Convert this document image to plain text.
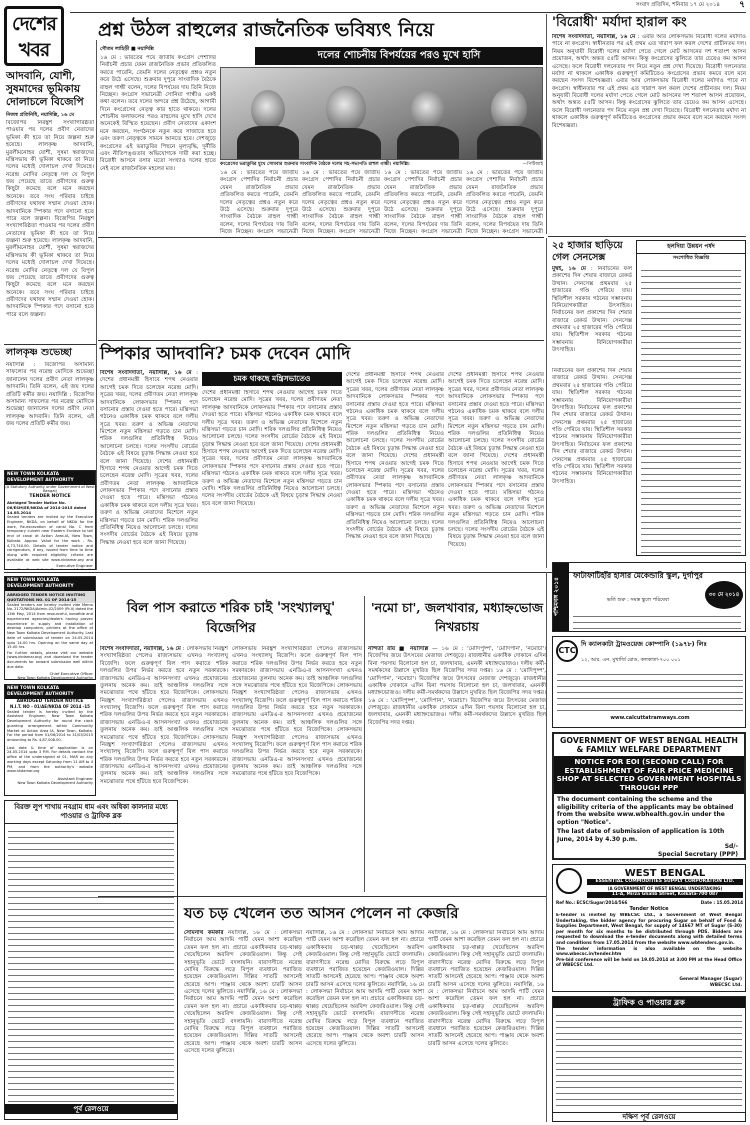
দেশের খবর
সংবাদ প্রতিদিন, শনিবার ১৭ মে ২০১৪	৭
প্রশ্ন উঠল রাহুলের রাজনৈতিক ভবিষ্যৎ নিয়ে
আদবানি, যোশী, সুষমাদের ভূমিকায় দোলাচলে বিজেপি
নিজস্ব প্রতিনিধি, নয়াদিল্লি, ১৬ মে
বিজেপির নিরঙ্কুশ সংখ্যাগরিষ্ঠতা পাওয়ার পর দলের প্রবীণ নেতাদের ভূমিকা কী হবে তা নিয়ে জল্পনা শুরু হয়েছে। লালকৃষ্ণ আদবানি, মুরলীমনোহর যোশী, সুষমা স্বরাজদের মন্ত্রিসভায় কী ভূমিকা থাকবে তা নিয়ে দলের মধ্যেই দোলাচল দেখা দিয়েছে। নরেন্দ্র মোদির নেতৃত্বে দল যে বিপুল জয় পেয়েছে তাতে প্রবীণদের গুরুত্ব কিছুটা কমেছে বলে মনে করছেন অনেকে। তবে সংঘ পরিবার চাইছে প্রবীণদের যথাযথ সম্মান দেওয়া হোক। আদবানিকে স্পিকার পদে বসানো হতে পারে বলে জল্পনা। বিজেপির নিরঙ্কুশ সংখ্যাগরিষ্ঠতা পাওয়ার পর দলের প্রবীণ নেতাদের ভূমিকা কী হবে তা নিয়ে জল্পনা শুরু হয়েছে। লালকৃষ্ণ আদবানি, মুরলীমনোহর যোশী, সুষমা স্বরাজদের মন্ত্রিসভায় কী ভূমিকা থাকবে তা নিয়ে দলের মধ্যেই দোলাচল দেখা দিয়েছে। নরেন্দ্র মোদির নেতৃত্বে দল যে বিপুল জয় পেয়েছে তাতে প্রবীণদের গুরুত্ব কিছুটা কমেছে বলে মনে করছেন অনেকে। তবে সংঘ পরিবার চাইছে প্রবীণদের যথাযথ সম্মান দেওয়া হোক। আদবানিকে স্পিকার পদে বসানো হতে পারে বলে জল্পনা।
গৌতম লাহিড়ী ■ নয়াদিল্লি
দলের শোচনীয় বিপর্যয়ের পরও মুখে হাসি
১৬ মে : ভারতের পয়ে জাতীয় কংগ্রেস পেশাদির নির্বাচনী প্রচার যেমন রাজনৈতিক প্রভাব প্রতিফলিত করতে পারেনি, তেমনি দলের নেতৃত্বের প্রশ্নও নতুন করে উঠে এসেছে। শুক্রবার দুপুরে সাংবাদিক বৈঠকে রাহুল গান্ধী বলেন, দলের বিপর্যয়ের দায় তিনি নিজে নিচ্ছেন। কংগ্রেস সভানেত্রী সোনিয়া গান্ধীও একই কথা বলেন। তবে দলের অন্দরে প্রশ্ন উঠেছে, আগামী দিনে কংগ্রেসের নেতৃত্ব কার হাতে থাকবে। দলের শোচনীয় ফলাফলের পরও রাহুলের মুখে হাসি দেখে অনেকেই বিস্মিত হয়েছেন। প্রবীণ নেতাদের একাংশ মনে করছেন, সংগঠনকে নতুন করে সাজাতে হবে এবং তরুণ নেতৃত্বকে সামনে আনতে হবে। দেশজুড়ে কংগ্রেসের এই ভরাডুবির পিছনে মূল্যবৃদ্ধি, দুর্নীতি এবং নীতিপঙ্গুতার অভিযোগকে দায়ী করা হচ্ছে। বিরোধী আসনে বসার মতো সংখ্যাও দলের হাতে নেই বলে রাজনৈতিক মহলের মত।
কংগ্রেসের ভরাডুবির মুখে সোমবার শুক্রবার সাংবাদিক বৈঠকে দলের সহ-সভাপতি রাহুল গান্ধী। নয়াদিল্লি।	—পিটিআই
১৬ মে : ভারতের পয়ে জাতীয় কংগ্রেস পেশাদির নির্বাচনী প্রচার যেমন রাজনৈতিক প্রভাব প্রতিফলিত করতে পারেনি, তেমনি দলের নেতৃত্বের প্রশ্নও নতুন করে উঠে এসেছে। শুক্রবার দুপুরে সাংবাদিক বৈঠকে রাহুল গান্ধী বলেন, দলের বিপর্যয়ের দায় তিনি নিজে নিচ্ছেন। কংগ্রেস সভানেত্রী
১৬ মে : ভারতের পয়ে জাতীয় কংগ্রেস পেশাদির নির্বাচনী প্রচার যেমন রাজনৈতিক প্রভাব প্রতিফলিত করতে পারেনি, তেমনি দলের নেতৃত্বের প্রশ্নও নতুন করে উঠে এসেছে। শুক্রবার দুপুরে সাংবাদিক বৈঠকে রাহুল গান্ধী বলেন, দলের বিপর্যয়ের দায় তিনি নিজে নিচ্ছেন। কংগ্রেস সভানেত্রী
১৬ মে : ভারতের পয়ে জাতীয় কংগ্রেস পেশাদির নির্বাচনী প্রচার যেমন রাজনৈতিক প্রভাব প্রতিফলিত করতে পারেনি, তেমনি দলের নেতৃত্বের প্রশ্নও নতুন করে উঠে এসেছে। শুক্রবার দুপুরে সাংবাদিক বৈঠকে রাহুল গান্ধী বলেন, দলের বিপর্যয়ের দায় তিনি নিজে নিচ্ছেন। কংগ্রেস সভানেত্রী
১৬ মে : ভারতের পয়ে জাতীয় কংগ্রেস পেশাদির নির্বাচনী প্রচার যেমন রাজনৈতিক প্রভাব প্রতিফলিত করতে পারেনি, তেমনি দলের নেতৃত্বের প্রশ্নও নতুন করে উঠে এসেছে। শুক্রবার দুপুরে সাংবাদিক বৈঠকে রাহুল গান্ধী বলেন, দলের বিপর্যয়ের দায় তিনি নিজে নিচ্ছেন। কংগ্রেস সভানেত্রী
'বিরোধী' মর্যাদা হারাল কং
বিশেষ সংবাদদাতা, নয়াদিল্লি, ১৬ মে : এবার আর লোকসভায় বিরোধী দলের মর্যাদাও পাবে না কংগ্রেস। স্বাধীনতার পর এই প্রথম এত খারাপ ফল করল দেশের প্রাচীনতম দল। নিয়ম অনুযায়ী বিরোধী দলের মর্যাদা পেতে গেলে মোট আসনের দশ শতাংশ আসন প্রয়োজন, অর্থাৎ অন্তত ৫৫টি আসন। কিন্তু কংগ্রেসের ঝুলিতে তার চেয়েও কম আসন এসেছে। ফলে বিরোধী দলনেতার পদ নিয়ে নতুন প্রশ্ন দেখা দিয়েছে। বিরোধী দলনেতার মর্যাদা না থাকলে একাধিক গুরুত্বপূর্ণ কমিটিতেও কংগ্রেসের প্রভাব কমবে বলে মনে করছেন সংসদ বিশেষজ্ঞরা। এবার আর লোকসভায় বিরোধী দলের মর্যাদাও পাবে না কংগ্রেস। স্বাধীনতার পর এই প্রথম এত খারাপ ফল করল দেশের প্রাচীনতম দল। নিয়ম অনুযায়ী বিরোধী দলের মর্যাদা পেতে গেলে মোট আসনের দশ শতাংশ আসন প্রয়োজন, অর্থাৎ অন্তত ৫৫টি আসন। কিন্তু কংগ্রেসের ঝুলিতে তার চেয়েও কম আসন এসেছে। ফলে বিরোধী দলনেতার পদ নিয়ে নতুন প্রশ্ন দেখা দিয়েছে। বিরোধী দলনেতার মর্যাদা না থাকলে একাধিক গুরুত্বপূর্ণ কমিটিতেও কংগ্রেসের প্রভাব কমবে বলে মনে করছেন সংসদ বিশেষজ্ঞরা।
২৫ হাজার ছাড়িয়ে গেল সেনসেক্স
মুম্বই, ১৬ মে : নির্বাচনের ফল প্রকাশের দিন শেয়ার বাজারে রেকর্ড উত্থান। সেনসেক্স প্রথমবার ২৫ হাজারের গণ্ডি পেরিয়ে যায়। স্থিতিশীল সরকার গঠনের সম্ভাবনায় বিনিয়োগকারীরা উৎসাহিত। নির্বাচনের ফল প্রকাশের দিন শেয়ার বাজারে রেকর্ড উত্থান। সেনসেক্স প্রথমবার ২৫ হাজারের গণ্ডি পেরিয়ে যায়। স্থিতিশীল সরকার গঠনের সম্ভাবনায় বিনিয়োগকারীরা উৎসাহিত।
হলদিয়া উন্নয়ন পর্ষদ
সংশোধিত বিজ্ঞপ্তি
নির্বাচনের ফল প্রকাশের দিন শেয়ার বাজারে রেকর্ড উত্থান। সেনসেক্স প্রথমবার ২৫ হাজারের গণ্ডি পেরিয়ে যায়। স্থিতিশীল সরকার গঠনের সম্ভাবনায় বিনিয়োগকারীরা উৎসাহিত। নির্বাচনের ফল প্রকাশের দিন শেয়ার বাজারে রেকর্ড উত্থান। সেনসেক্স প্রথমবার ২৫ হাজারের গণ্ডি পেরিয়ে যায়। স্থিতিশীল সরকার গঠনের সম্ভাবনায় বিনিয়োগকারীরা উৎসাহিত। নির্বাচনের ফল প্রকাশের দিন শেয়ার বাজারে রেকর্ড উত্থান। সেনসেক্স প্রথমবার ২৫ হাজারের গণ্ডি পেরিয়ে যায়। স্থিতিশীল সরকার গঠনের সম্ভাবনায় বিনিয়োগকারীরা উৎসাহিত।
লালকৃষ্ণ শুভেচ্ছা
নয়াদিল্লি : বিজেপির অসামান্য সাফল্যের পর নরেন্দ্র মোদিকে শুভেচ্ছা জানালেন দলের প্রবীণ নেতা লালকৃষ্ণ আদবানি। তিনি বলেন, এই জয় দলের প্রতিটি কর্মীর জয়। নয়াদিল্লি : বিজেপির অসামান্য সাফল্যের পর নরেন্দ্র মোদিকে শুভেচ্ছা জানালেন দলের প্রবীণ নেতা লালকৃষ্ণ আদবানি। তিনি বলেন, এই জয় দলের প্রতিটি কর্মীর জয়।
স্পিকার আদবানি? চমক দেবেন মোদি
বিশেষ সংবাদদাতা, নয়াদিল্লি, ১৬ মে : দেশের প্রধানমন্ত্রী হিসাবে শপথ নেওয়ার আগেই চমক দিতে চলেছেন নরেন্দ্র মোদি। সূত্রের খবর, দলের প্রবীণতম নেতা লালকৃষ্ণ আদবানিকে লোকসভার স্পিকার পদে বসানোর প্রস্তাব দেওয়া হতে পারে। মন্ত্রিসভা গঠনেও একাধিক চমক থাকবে বলে দলীয় সূত্রে খবর। তরুণ ও অভিজ্ঞ নেতাদের মিশেলে নতুন মন্ত্রিসভা গড়তে চান মোদি। শরিক দলগুলির প্রতিনিধিত্ব নিয়েও আলোচনা চলছে। দলের সংসদীয় বোর্ডের বৈঠকে এই বিষয়ে চূড়ান্ত সিদ্ধান্ত নেওয়া হবে বলে জানা গিয়েছে। দেশের প্রধানমন্ত্রী হিসাবে শপথ নেওয়ার আগেই চমক দিতে চলেছেন নরেন্দ্র মোদি। সূত্রের খবর, দলের প্রবীণতম নেতা লালকৃষ্ণ আদবানিকে লোকসভার স্পিকার পদে বসানোর প্রস্তাব দেওয়া হতে পারে। মন্ত্রিসভা গঠনেও একাধিক চমক থাকবে বলে দলীয় সূত্রে খবর। তরুণ ও অভিজ্ঞ নেতাদের মিশেলে নতুন মন্ত্রিসভা গড়তে চান মোদি। শরিক দলগুলির প্রতিনিধিত্ব নিয়েও আলোচনা চলছে। দলের সংসদীয় বোর্ডের বৈঠকে এই বিষয়ে চূড়ান্ত সিদ্ধান্ত নেওয়া হবে বলে জানা গিয়েছে।
চমক থাকছে মন্ত্রিসভাতেও
দেশের প্রধানমন্ত্রী হিসাবে শপথ নেওয়ার আগেই চমক দিতে চলেছেন নরেন্দ্র মোদি। সূত্রের খবর, দলের প্রবীণতম নেতা লালকৃষ্ণ আদবানিকে লোকসভার স্পিকার পদে বসানোর প্রস্তাব দেওয়া হতে পারে। মন্ত্রিসভা গঠনেও একাধিক চমক থাকবে বলে দলীয় সূত্রে খবর। তরুণ ও অভিজ্ঞ নেতাদের মিশেলে নতুন মন্ত্রিসভা গড়তে চান মোদি। শরিক দলগুলির প্রতিনিধিত্ব নিয়েও আলোচনা চলছে। দলের সংসদীয় বোর্ডের বৈঠকে এই বিষয়ে চূড়ান্ত সিদ্ধান্ত নেওয়া হবে বলে জানা গিয়েছে। দেশের প্রধানমন্ত্রী হিসাবে শপথ নেওয়ার আগেই চমক দিতে চলেছেন নরেন্দ্র মোদি। সূত্রের খবর, দলের প্রবীণতম নেতা লালকৃষ্ণ আদবানিকে লোকসভার স্পিকার পদে বসানোর প্রস্তাব দেওয়া হতে পারে। মন্ত্রিসভা গঠনেও একাধিক চমক থাকবে বলে দলীয় সূত্রে খবর। তরুণ ও অভিজ্ঞ নেতাদের মিশেলে নতুন মন্ত্রিসভা গড়তে চান মোদি। শরিক দলগুলির প্রতিনিধিত্ব নিয়েও আলোচনা চলছে। দলের সংসদীয় বোর্ডের বৈঠকে এই বিষয়ে চূড়ান্ত সিদ্ধান্ত নেওয়া হবে বলে জানা গিয়েছে।
দেশের প্রধানমন্ত্রী হিসাবে শপথ নেওয়ার আগেই চমক দিতে চলেছেন নরেন্দ্র মোদি। সূত্রের খবর, দলের প্রবীণতম নেতা লালকৃষ্ণ আদবানিকে লোকসভার স্পিকার পদে বসানোর প্রস্তাব দেওয়া হতে পারে। মন্ত্রিসভা গঠনেও একাধিক চমক থাকবে বলে দলীয় সূত্রে খবর। তরুণ ও অভিজ্ঞ নেতাদের মিশেলে নতুন মন্ত্রিসভা গড়তে চান মোদি। শরিক দলগুলির প্রতিনিধিত্ব নিয়েও আলোচনা চলছে। দলের সংসদীয় বোর্ডের বৈঠকে এই বিষয়ে চূড়ান্ত সিদ্ধান্ত নেওয়া হবে বলে জানা গিয়েছে। দেশের প্রধানমন্ত্রী হিসাবে শপথ নেওয়ার আগেই চমক দিতে চলেছেন নরেন্দ্র মোদি। সূত্রের খবর, দলের প্রবীণতম নেতা লালকৃষ্ণ আদবানিকে লোকসভার স্পিকার পদে বসানোর প্রস্তাব দেওয়া হতে পারে। মন্ত্রিসভা গঠনেও একাধিক চমক থাকবে বলে দলীয় সূত্রে খবর। তরুণ ও অভিজ্ঞ নেতাদের মিশেলে নতুন মন্ত্রিসভা গড়তে চান মোদি। শরিক দলগুলির প্রতিনিধিত্ব নিয়েও আলোচনা চলছে। দলের সংসদীয় বোর্ডের বৈঠকে এই বিষয়ে চূড়ান্ত সিদ্ধান্ত নেওয়া হবে বলে জানা গিয়েছে।
দেশের প্রধানমন্ত্রী হিসাবে শপথ নেওয়ার আগেই চমক দিতে চলেছেন নরেন্দ্র মোদি। সূত্রের খবর, দলের প্রবীণতম নেতা লালকৃষ্ণ আদবানিকে লোকসভার স্পিকার পদে বসানোর প্রস্তাব দেওয়া হতে পারে। মন্ত্রিসভা গঠনেও একাধিক চমক থাকবে বলে দলীয় সূত্রে খবর। তরুণ ও অভিজ্ঞ নেতাদের মিশেলে নতুন মন্ত্রিসভা গড়তে চান মোদি। শরিক দলগুলির প্রতিনিধিত্ব নিয়েও আলোচনা চলছে। দলের সংসদীয় বোর্ডের বৈঠকে এই বিষয়ে চূড়ান্ত সিদ্ধান্ত নেওয়া হবে বলে জানা গিয়েছে। দেশের প্রধানমন্ত্রী হিসাবে শপথ নেওয়ার আগেই চমক দিতে চলেছেন নরেন্দ্র মোদি। সূত্রের খবর, দলের প্রবীণতম নেতা লালকৃষ্ণ আদবানিকে লোকসভার স্পিকার পদে বসানোর প্রস্তাব দেওয়া হতে পারে। মন্ত্রিসভা গঠনেও একাধিক চমক থাকবে বলে দলীয় সূত্রে খবর। তরুণ ও অভিজ্ঞ নেতাদের মিশেলে নতুন মন্ত্রিসভা গড়তে চান মোদি। শরিক দলগুলির প্রতিনিধিত্ব নিয়েও আলোচনা চলছে। দলের সংসদীয় বোর্ডের বৈঠকে এই বিষয়ে চূড়ান্ত সিদ্ধান্ত নেওয়া হবে বলে জানা গিয়েছে।
NEW TOWN KOLKATA DEVELOPMENT AUTHORITY
(A Statutory Authority under Government of West Bengal)
TENDER NOTICE
Abridged Tender Notice No. 06/ESM/EE/NKDA of 2014-2015 dated 14.05.2014
Sealed tenders are invited by the Executive Engineer, NKDA, on behalf of NKDA for the work, Re-excavation of canal No. C from temporary culvert near Eastern Enclave to tail end of canal at Action Area-IA, New Town, Kolkata. Approx. Value for the work - Rs. 4,73,740.00. Details of tender notice and corrigendum, if any, issued from time to time along with required eligibility criteria are available at web site www.nkdamar.org and
Executive Engineer
NEW TOWN KOLKATA DEVELOPMENT AUTHORITY
ABRIDGED TENDER NOTICE INVITING QUOTATIONS NO. 01 OF 2014-15
Sealed tenders are hereby invited vide Memo No. 2172/NKDA/Admin-02/2009 (Pt.II) dated the 13th May, 2014 from resourceful, bonafide and experienced agencies/dealers having proven experience in supply and installation of desktop computers, printers at the office of New Town Kolkata Development Authority. Last date of submission of tender on 24-05-2014 upto 14-00 hrs. Opening on the same day at 15-00 hrs.
For further details, please visit our website (www.nkdamar.org) and download the tender documents for onward submission well within due date.
Chief Executive Officer
New Town Kolkata Development Authority
NEW TOWN KOLKATA DEVELOPMENT AUTHORITY
ABRIDGED TENDER NOTICE
N.I.T. NO - 01/AE/NKDA OF 2014 -15
Sealed tender is hereby invited by the Assistant Engineer, New Town Kolkata Development Authority for round the clock guarding arrangement within Community Market at Action Area IA, New Town, Kolkata. For the period from 01/06/2014 to 31/03/2015 amounting to Rs. 4,87,008.00.
Last date & time of application is on 24.05.2014 upto 3 P.M. For details contact the office of the undersigned at 01, MAR on any working days except Saturday from 11 AM to 4 PM, and from the authority's website www.nkdamar.org
Assistant Engineer
New Town Kolkata Development Authority
বিরক্ত লুপ শাখায় নবগ্রাম ধাম এবং অধিকা কালনার মধ্যে পাওয়ার ও ট্রাফিক ব্লক
পূর্ব রেলওয়ে
বিল পাস করাতে শরিক চাই 'সংখ্যালঘু' বিজেপির
বিশেষ সংবাদদাতা, নয়াদিল্লি, ১৬ মে : লোকসভায় নিরঙ্কুশ সংখ্যাগরিষ্ঠতা পেলেও রাজ্যসভায় এখনও সংখ্যালঘু বিজেপি। ফলে গুরুত্বপূর্ণ বিল পাস করাতে শরিক দলগুলির উপর নির্ভর করতে হবে নতুন সরকারকে। রাজ্যসভায় এনডিএ-র আসনসংখ্যা এখনও প্রয়োজনের তুলনায় অনেক কম। তাই আঞ্চলিক দলগুলির সঙ্গে সমঝোতার পথে হাঁটতে হবে বিজেপিকে। লোকসভায় নিরঙ্কুশ সংখ্যাগরিষ্ঠতা পেলেও রাজ্যসভায় এখনও সংখ্যালঘু বিজেপি। ফলে গুরুত্বপূর্ণ বিল পাস করাতে শরিক দলগুলির উপর নির্ভর করতে হবে নতুন সরকারকে। রাজ্যসভায় এনডিএ-র আসনসংখ্যা এখনও প্রয়োজনের তুলনায় অনেক কম। তাই আঞ্চলিক দলগুলির সঙ্গে সমঝোতার পথে হাঁটতে হবে বিজেপিকে। লোকসভায় নিরঙ্কুশ সংখ্যাগরিষ্ঠতা পেলেও রাজ্যসভায় এখনও সংখ্যালঘু বিজেপি। ফলে গুরুত্বপূর্ণ বিল পাস করাতে শরিক দলগুলির উপর নির্ভর করতে হবে নতুন সরকারকে। রাজ্যসভায় এনডিএ-র আসনসংখ্যা এখনও প্রয়োজনের তুলনায় অনেক কম। তাই আঞ্চলিক দলগুলির সঙ্গে সমঝোতার পথে হাঁটতে হবে বিজেপিকে।
লোকসভায় নিরঙ্কুশ সংখ্যাগরিষ্ঠতা পেলেও রাজ্যসভায় এখনও সংখ্যালঘু বিজেপি। ফলে গুরুত্বপূর্ণ বিল পাস করাতে শরিক দলগুলির উপর নির্ভর করতে হবে নতুন সরকারকে। রাজ্যসভায় এনডিএ-র আসনসংখ্যা এখনও প্রয়োজনের তুলনায় অনেক কম। তাই আঞ্চলিক দলগুলির সঙ্গে সমঝোতার পথে হাঁটতে হবে বিজেপিকে। লোকসভায় নিরঙ্কুশ সংখ্যাগরিষ্ঠতা পেলেও রাজ্যসভায় এখনও সংখ্যালঘু বিজেপি। ফলে গুরুত্বপূর্ণ বিল পাস করাতে শরিক দলগুলির উপর নির্ভর করতে হবে নতুন সরকারকে। রাজ্যসভায় এনডিএ-র আসনসংখ্যা এখনও প্রয়োজনের তুলনায় অনেক কম। তাই আঞ্চলিক দলগুলির সঙ্গে সমঝোতার পথে হাঁটতে হবে বিজেপিকে। লোকসভায় নিরঙ্কুশ সংখ্যাগরিষ্ঠতা পেলেও রাজ্যসভায় এখনও সংখ্যালঘু বিজেপি। ফলে গুরুত্বপূর্ণ বিল পাস করাতে শরিক দলগুলির উপর নির্ভর করতে হবে নতুন সরকারকে। রাজ্যসভায় এনডিএ-র আসনসংখ্যা এখনও প্রয়োজনের তুলনায় অনেক কম। তাই আঞ্চলিক দলগুলির সঙ্গে সমঝোতার পথে হাঁটতে হবে বিজেপিকে।
'নমো চা', জলখাবার, মধ্যাহ্নভোজ নিখরচায়
নন্দিতা রায় ■ নয়াদিল্লি — ১৬ মে : 'মোদিপুষ্প', 'মোদিপান', 'নমোচা'। বিজেপির জয়ে উৎসবের মেজাজ দেশজুড়ে। রাজধানীর একাধিক দোকানে এদিন বিনা পয়সায় বিলোনো হল চা, জলখাবার, এমনকী মধ্যাহ্নভোজও। দলীয় কর্মী-সমর্থকদের উল্লাসে মুখরিত ছিল বিজেপির সদর দপ্তর। ১৬ মে : 'মোদিপুষ্প', 'মোদিপান', 'নমোচা'। বিজেপির জয়ে উৎসবের মেজাজ দেশজুড়ে। রাজধানীর একাধিক দোকানে এদিন বিনা পয়সায় বিলোনো হল চা, জলখাবার, এমনকী মধ্যাহ্নভোজও। দলীয় কর্মী-সমর্থকদের উল্লাসে মুখরিত ছিল বিজেপির সদর দপ্তর। ১৬ মে : 'মোদিপুষ্প', 'মোদিপান', 'নমোচা'। বিজেপির জয়ে উৎসবের মেজাজ দেশজুড়ে। রাজধানীর একাধিক দোকানে এদিন বিনা পয়সায় বিলোনো হল চা, জলখাবার, এমনকী মধ্যাহ্নভোজও। দলীয় কর্মী-সমর্থকদের উল্লাসে মুখরিত ছিল বিজেপির সদর দপ্তর।
যত চড় খেলেন তত আসন পেলেন না কেজরি
সোমনাথ কর্মকার নয়াদিল্লি, ১৬ মে : লোকসভা নির্বাচনে আম আদমি পার্টি যেমন আশা করেছিল তেমন ফল হল না। প্রচারে একাধিকবার চড়-থাপ্পড় খেয়েছিলেন অরবিন্দ কেজরিওয়াল। কিন্তু সেই সহানুভূতি ভোটে বদলায়নি। বারাণসীতে নরেন্দ্র মোদির বিরুদ্ধে লড়ে বিপুল ব্যবধানে পরাজিত হয়েছেন কেজরিওয়াল। দিল্লির সাতটি আসনেই হেরেছে আপ। পাঞ্জাব থেকে অবশ্য চারটি আসন এসেছে দলের ঝুলিতে। নয়াদিল্লি, ১৬ মে : লোকসভা নির্বাচনে আম আদমি পার্টি যেমন আশা করেছিল তেমন ফল হল না। প্রচারে একাধিকবার চড়-থাপ্পড় খেয়েছিলেন অরবিন্দ কেজরিওয়াল। কিন্তু সেই সহানুভূতি ভোটে বদলায়নি। বারাণসীতে নরেন্দ্র মোদির বিরুদ্ধে লড়ে বিপুল ব্যবধানে পরাজিত হয়েছেন কেজরিওয়াল। দিল্লির সাতটি আসনেই হেরেছে আপ। পাঞ্জাব থেকে অবশ্য চারটি আসন এসেছে দলের ঝুলিতে।
নয়াদিল্লি, ১৬ মে : লোকসভা নির্বাচনে আম আদমি পার্টি যেমন আশা করেছিল তেমন ফল হল না। প্রচারে একাধিকবার চড়-থাপ্পড় খেয়েছিলেন অরবিন্দ কেজরিওয়াল। কিন্তু সেই সহানুভূতি ভোটে বদলায়নি। বারাণসীতে নরেন্দ্র মোদির বিরুদ্ধে লড়ে বিপুল ব্যবধানে পরাজিত হয়েছেন কেজরিওয়াল। দিল্লির সাতটি আসনেই হেরেছে আপ। পাঞ্জাব থেকে অবশ্য চারটি আসন এসেছে দলের ঝুলিতে। নয়াদিল্লি, ১৬ মে : লোকসভা নির্বাচনে আম আদমি পার্টি যেমন আশা করেছিল তেমন ফল হল না। প্রচারে একাধিকবার চড়-থাপ্পড় খেয়েছিলেন অরবিন্দ কেজরিওয়াল। কিন্তু সেই সহানুভূতি ভোটে বদলায়নি। বারাণসীতে নরেন্দ্র মোদির বিরুদ্ধে লড়ে বিপুল ব্যবধানে পরাজিত হয়েছেন কেজরিওয়াল। দিল্লির সাতটি আসনেই হেরেছে আপ। পাঞ্জাব থেকে অবশ্য চারটি আসন এসেছে দলের ঝুলিতে।
নয়াদিল্লি, ১৬ মে : লোকসভা নির্বাচনে আম আদমি পার্টি যেমন আশা করেছিল তেমন ফল হল না। প্রচারে একাধিকবার চড়-থাপ্পড় খেয়েছিলেন অরবিন্দ কেজরিওয়াল। কিন্তু সেই সহানুভূতি ভোটে বদলায়নি। বারাণসীতে নরেন্দ্র মোদির বিরুদ্ধে লড়ে বিপুল ব্যবধানে পরাজিত হয়েছেন কেজরিওয়াল। দিল্লির সাতটি আসনেই হেরেছে আপ। পাঞ্জাব থেকে অবশ্য চারটি আসন এসেছে দলের ঝুলিতে। নয়াদিল্লি, ১৬ মে : লোকসভা নির্বাচনে আম আদমি পার্টি যেমন আশা করেছিল তেমন ফল হল না। প্রচারে একাধিকবার চড়-থাপ্পড় খেয়েছিলেন অরবিন্দ কেজরিওয়াল। কিন্তু সেই সহানুভূতি ভোটে বদলায়নি। বারাণসীতে নরেন্দ্র মোদির বিরুদ্ধে লড়ে বিপুল ব্যবধানে পরাজিত হয়েছেন কেজরিওয়াল। দিল্লির সাতটি আসনেই হেরেছে আপ। পাঞ্জাব থেকে অবশ্য চারটি আসন এসেছে দলের ঝুলিতে।
পশ্চিমবঙ্গ ২০১৪
ফাটাফাটিহাঁর হাসার মেকেন্ডারি স্কুল, দুর্গাপুর
ভর্তি শুরু : সমস্ত স্কুলে পরিষেবা
৩০ মে ২০১৪
CTC
দি ক্যালকাটা ট্রামওয়েজ কোম্পানি (১৯৭৮) লিঃ
১২, আর. এন. মুখার্জি রোড, কলকাতা-৭০০ ০০১
www.calcuttatramways.com
GOVERNMENT OF WEST BENGAL HEALTH & FAMILY WELFARE DEPARTMENT
NOTICE FOR EOI (SECOND CALL) FOR ESTABLISHMENT OF FAIR PRICE MEDICINE SHOP AT SELECTED GOVERNMENT HOSPITALS THROUGH PPP
The document containing the scheme and the eligibility criteria of the applicants may be obtained from the website www.wbhealth.gov.in under the option "Notice".
The last date of submission of application is 10th June, 2014 by 4.30 p.m.
Sd/-
Special Secretary (PPP)
WEST BENGAL
ESSENTIAL COMMODITIES SUPPLY CORPORATION LTD.
(A GOVERNMENT OF WEST BENGAL UNDERTAKING)
11-A, Mirza Ghalib Street, Kolkata-700 087
Ref No.: ECSC/Sugar/2014/566	Date : 15.05.2014
Tender Notice
E-tender is invited by WBECSC Ltd., a Government of West Bengal Undertaking, the bidder agency for procuring Sugar on behalf of Food & Supplies Department, West Bengal, for supply of 14667 MT of Sugar (S-30) per month for six months to be distributed through PDS. Bidders are requested to download the e-tender documents along with detailed terms and conditions from 17.05.2014 from the website www.wbtenders.gov.in.
The tender information is also available on the website www.wbecsc.in/tender.htm
Pre-bid conference will be held on 19.05.2014 at 3:00 PM at the Head Office of WBECSC Ltd.
General Manager (Sugar)
WBECSC Ltd.
ট্রাফিক ও পাওয়ার ব্লক
দক্ষিণ পূর্ব রেলওয়ে
